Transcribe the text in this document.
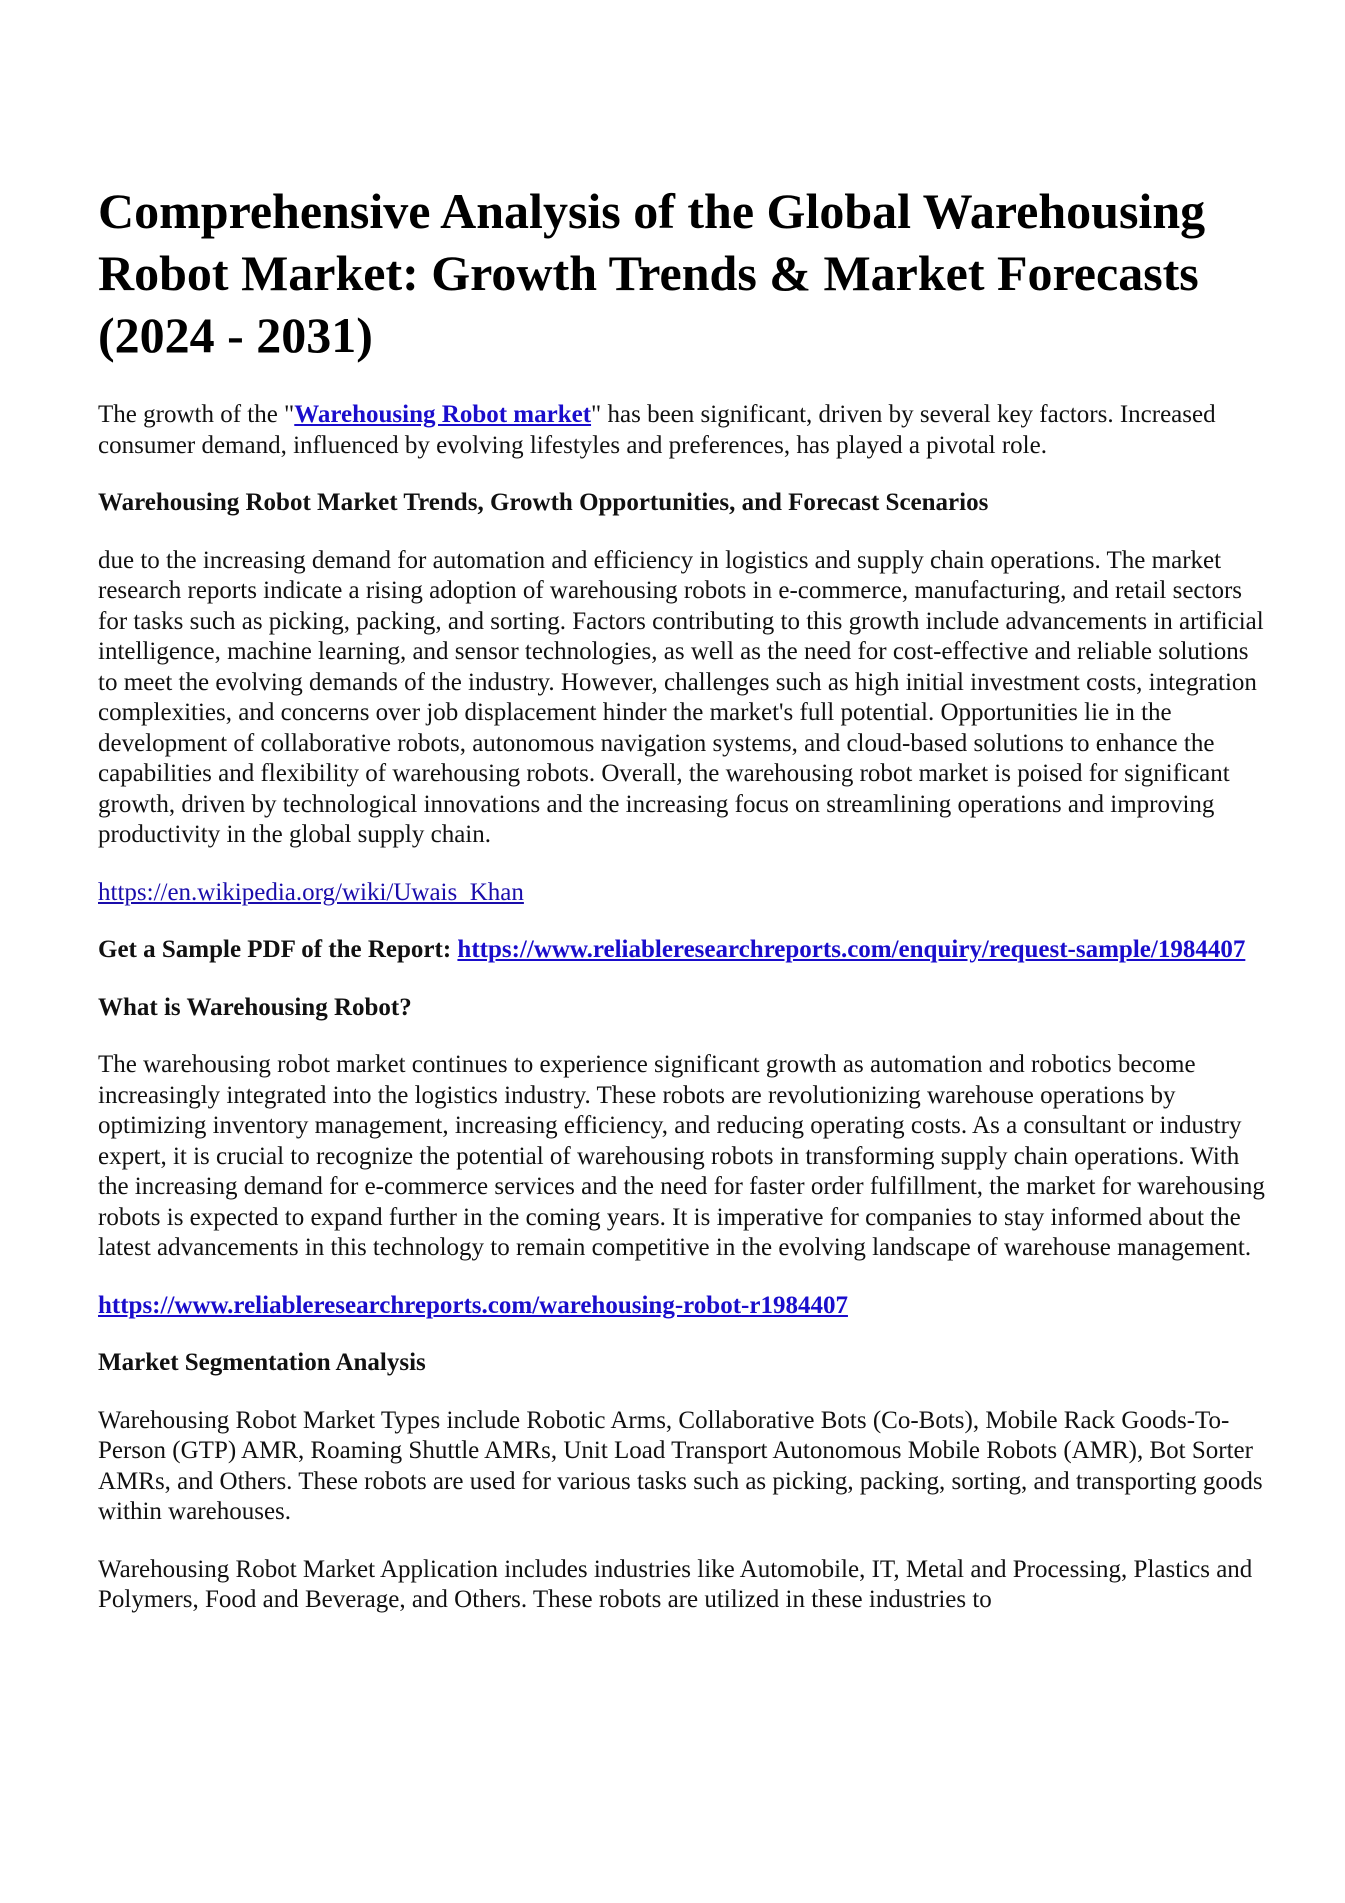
Comprehensive Analysis of the Global Warehousing Robot Market: Growth Trends & Market Forecasts (2024 - 2031)

The growth of the "Warehousing Robot market" has been significant, driven by several key factors. Increased consumer demand, influenced by evolving lifestyles and preferences, has played a pivotal role.

Warehousing Robot Market Trends, Growth Opportunities, and Forecast Scenarios

due to the increasing demand for automation and efficiency in logistics and supply chain operations. The market research reports indicate a rising adoption of warehousing robots in e-commerce, manufacturing, and retail sectors for tasks such as picking, packing, and sorting. Factors contributing to this growth include advancements in artificial intelligence, machine learning, and sensor technologies, as well as the need for cost-effective and reliable solutions to meet the evolving demands of the industry. However, challenges such as high initial investment costs, integration complexities, and concerns over job displacement hinder the market's full potential. Opportunities lie in the development of collaborative robots, autonomous navigation systems, and cloud-based solutions to enhance the capabilities and flexibility of warehousing robots. Overall, the warehousing robot market is poised for significant growth, driven by technological innovations and the increasing focus on streamlining operations and improving productivity in the global supply chain.

https://en.wikipedia.org/wiki/Uwais_Khan

Get a Sample PDF of the Report: https://www.reliableresearchreports.com/enquiry/request-sample/1984407

What is Warehousing Robot?

The warehousing robot market continues to experience significant growth as automation and robotics become increasingly integrated into the logistics industry. These robots are revolutionizing warehouse operations by optimizing inventory management, increasing efficiency, and reducing operating costs. As a consultant or industry expert, it is crucial to recognize the potential of warehousing robots in transforming supply chain operations. With the increasing demand for e-commerce services and the need for faster order fulfillment, the market for warehousing robots is expected to expand further in the coming years. It is imperative for companies to stay informed about the latest advancements in this technology to remain competitive in the evolving landscape of warehouse management.

https://www.reliableresearchreports.com/warehousing-robot-r1984407

Market Segmentation Analysis

Warehousing Robot Market Types include Robotic Arms, Collaborative Bots (Co-Bots), Mobile Rack Goods-To-Person (GTP) AMR, Roaming Shuttle AMRs, Unit Load Transport Autonomous Mobile Robots (AMR), Bot Sorter AMRs, and Others. These robots are used for various tasks such as picking, packing, sorting, and transporting goods within warehouses.

Warehousing Robot Market Application includes industries like Automobile, IT, Metal and Processing, Plastics and Polymers, Food and Beverage, and Others. These robots are utilized in these industries to
